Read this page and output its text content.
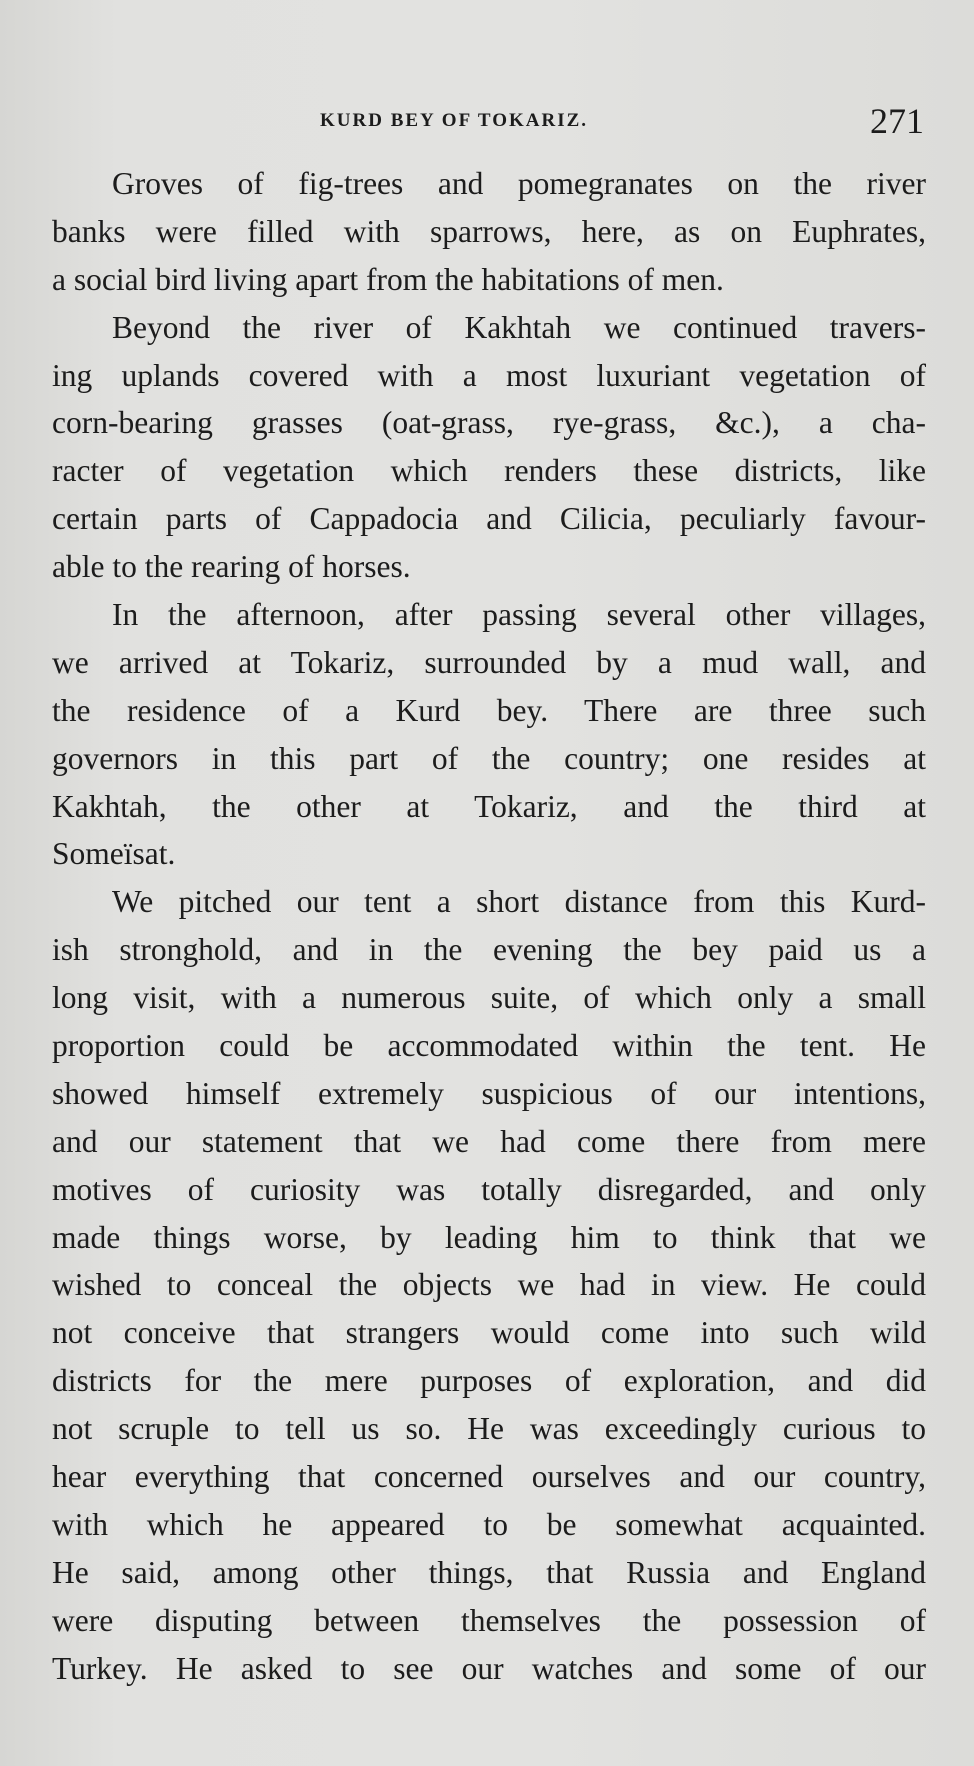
KURD BEY OF TOKARIZ.	271
Groves of fig-trees and pomegranates on the river
banks were filled with sparrows, here, as on Euphrates,
a social bird living apart from the habitations of men.
Beyond the river of Kakhtah we continued travers-
ing uplands covered with a most luxuriant vegetation of
corn-bearing grasses (oat-grass, rye-grass, &c.), a cha-
racter of vegetation which renders these districts, like
certain parts of Cappadocia and Cilicia, peculiarly favour-
able to the rearing of horses.
In the afternoon, after passing several other villages,
we arrived at Tokariz, surrounded by a mud wall, and
the residence of a Kurd bey. There are three such
governors in this part of the country; one resides at
Kakhtah, the other at Tokariz, and the third at
Someïsat.
We pitched our tent a short distance from this Kurd-
ish stronghold, and in the evening the bey paid us a
long visit, with a numerous suite, of which only a small
proportion could be accommodated within the tent. He
showed himself extremely suspicious of our intentions,
and our statement that we had come there from mere
motives of curiosity was totally disregarded, and only
made things worse, by leading him to think that we
wished to conceal the objects we had in view. He could
not conceive that strangers would come into such wild
districts for the mere purposes of exploration, and did
not scruple to tell us so. He was exceedingly curious to
hear everything that concerned ourselves and our country,
with which he appeared to be somewhat acquainted.
He said, among other things, that Russia and England
were disputing between themselves the possession of
Turkey. He asked to see our watches and some of our
